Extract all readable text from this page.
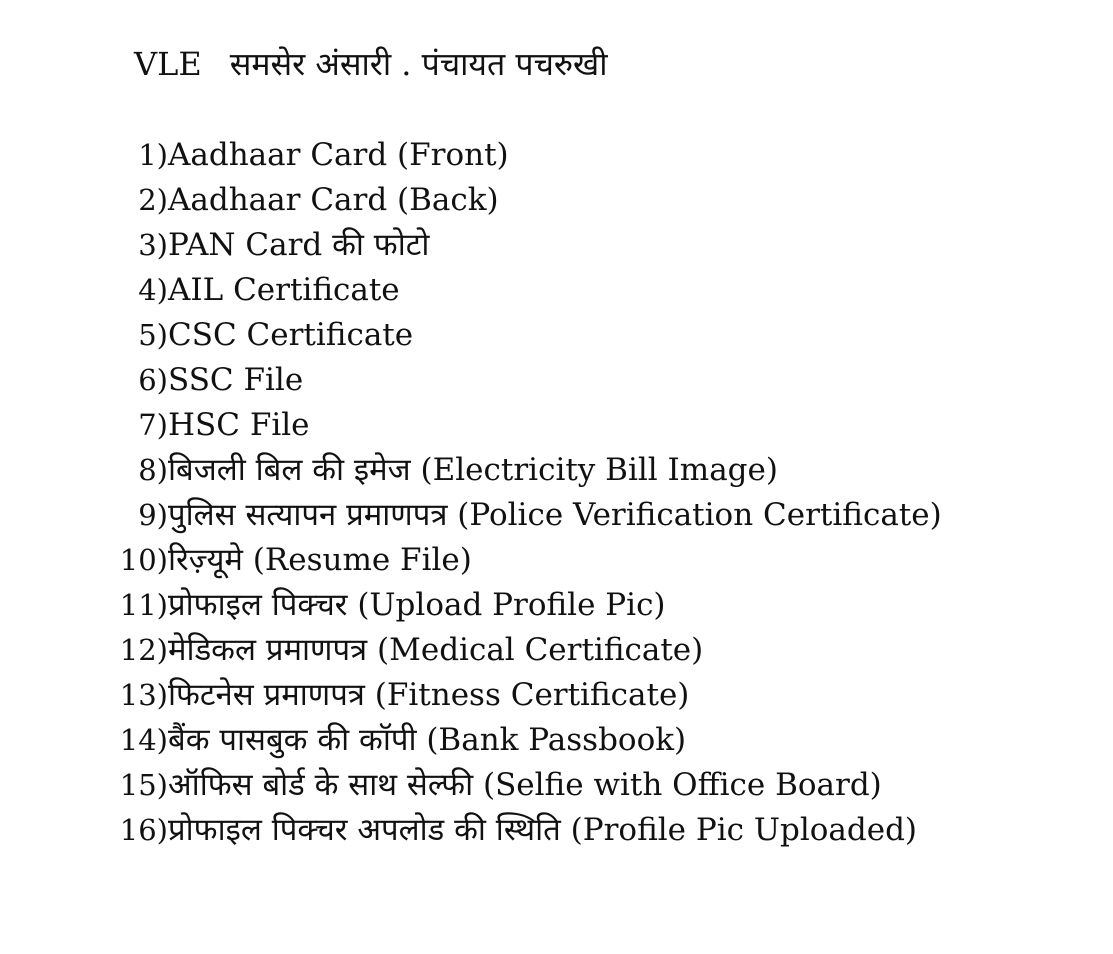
VLE समसेर अंसारी . पंचायत पचरुखी
1) Aadhaar Card (Front)
2) Aadhaar Card (Back)
3) PAN Card की फोटो
4) AIL Certificate
5) CSC Certificate
6) SSC File
7) HSC File
8) बिजली बिल की इमेज (Electricity Bill Image)
9) पुलिस सत्यापन प्रमाणपत्र (Police Verification Certificate)
10) रिज़्यूमे (Resume File)
11) प्रोफाइल पिक्चर (Upload Profile Pic)
12) मेडिकल प्रमाणपत्र (Medical Certificate)
13) फिटनेस प्रमाणपत्र (Fitness Certificate)
14) बैंक पासबुक की कॉपी (Bank Passbook)
15) ऑफिस बोर्ड के साथ सेल्फी (Selfie with Office Board)
16) प्रोफाइल पिक्चर अपलोड की स्थिति (Profile Pic Uploaded)
